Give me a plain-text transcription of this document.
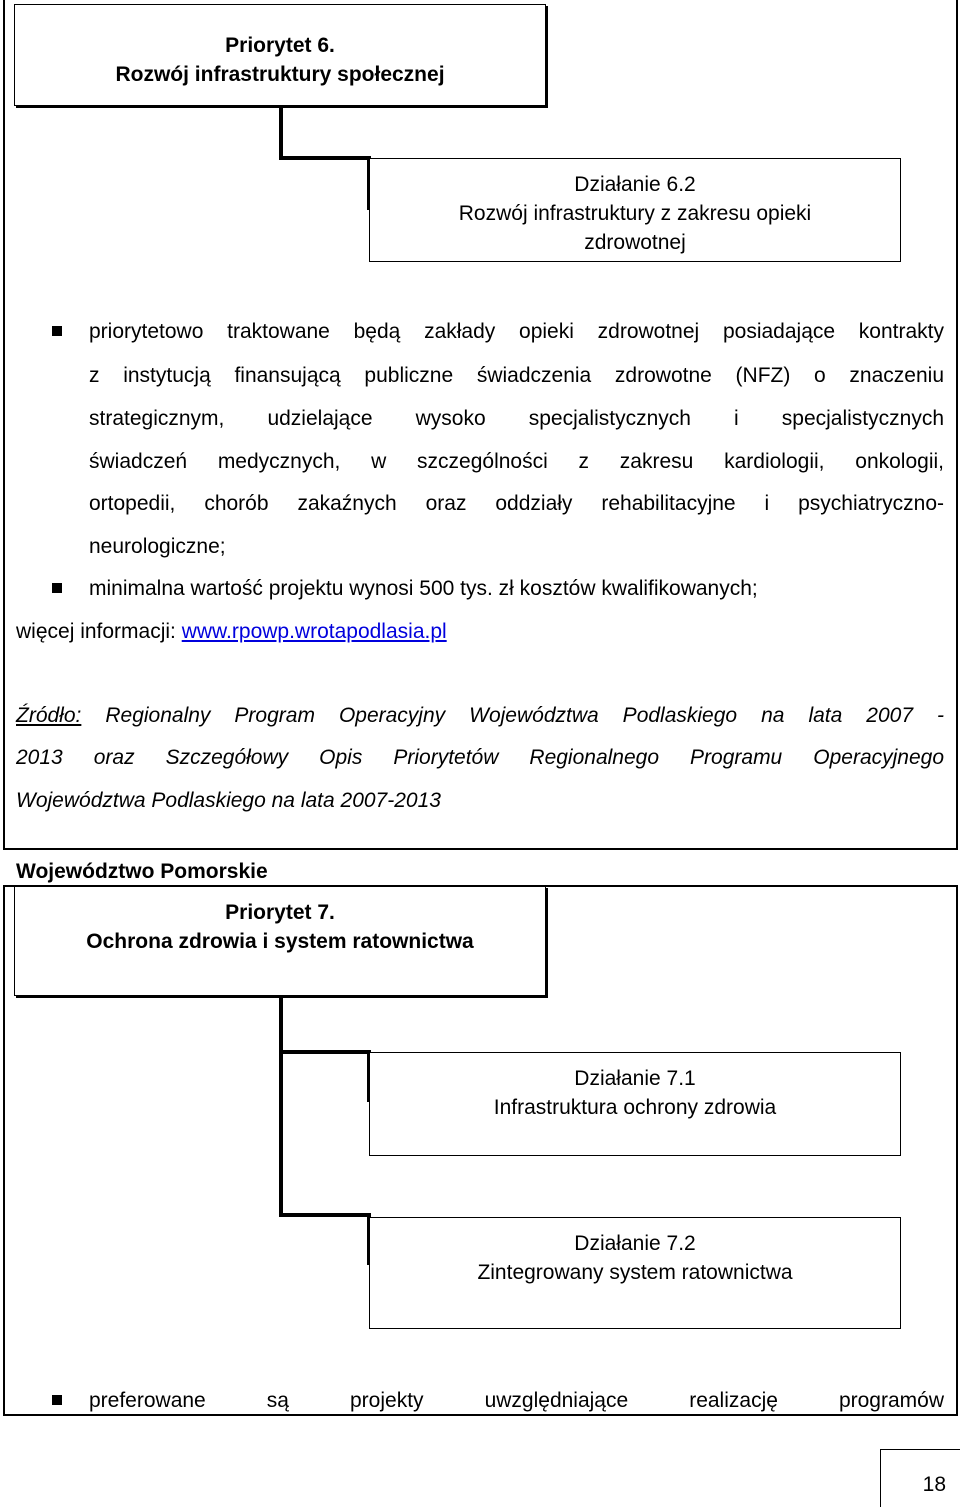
Priorytet 6.
Rozwój infrastruktury społecznej
Działanie 6.2
Rozwój infrastruktury z zakresu opieki
zdrowotnej
priorytetowo traktowane będą zakłady opieki zdrowotnej posiadające kontrakty
z instytucją finansującą publiczne świadczenia zdrowotne (NFZ) o znaczeniu
strategicznym, udzielające wysoko specjalistycznych i specjalistycznych
świadczeń medycznych, w szczególności z zakresu kardiologii, onkologii,
ortopedii, chorób zakaźnych oraz oddziały rehabilitacyjne i psychiatryczno-
neurologiczne;
minimalna wartość projektu wynosi 500 tys. zł kosztów kwalifikowanych;
więcej informacji: www.rpowp.wrotapodlasia.pl
Źródło: Regionalny Program Operacyjny Województwa Podlaskiego na lata 2007 -
2013 oraz Szczegółowy Opis Priorytetów Regionalnego Programu Operacyjnego
Województwa Podlaskiego na lata 2007-2013
Województwo Pomorskie
Priorytet 7.
Ochrona zdrowia i system ratownictwa
Działanie 7.1
Infrastruktura ochrony zdrowia
Działanie 7.2
Zintegrowany system ratownictwa
preferowane są projekty uwzględniające realizację programów
18
